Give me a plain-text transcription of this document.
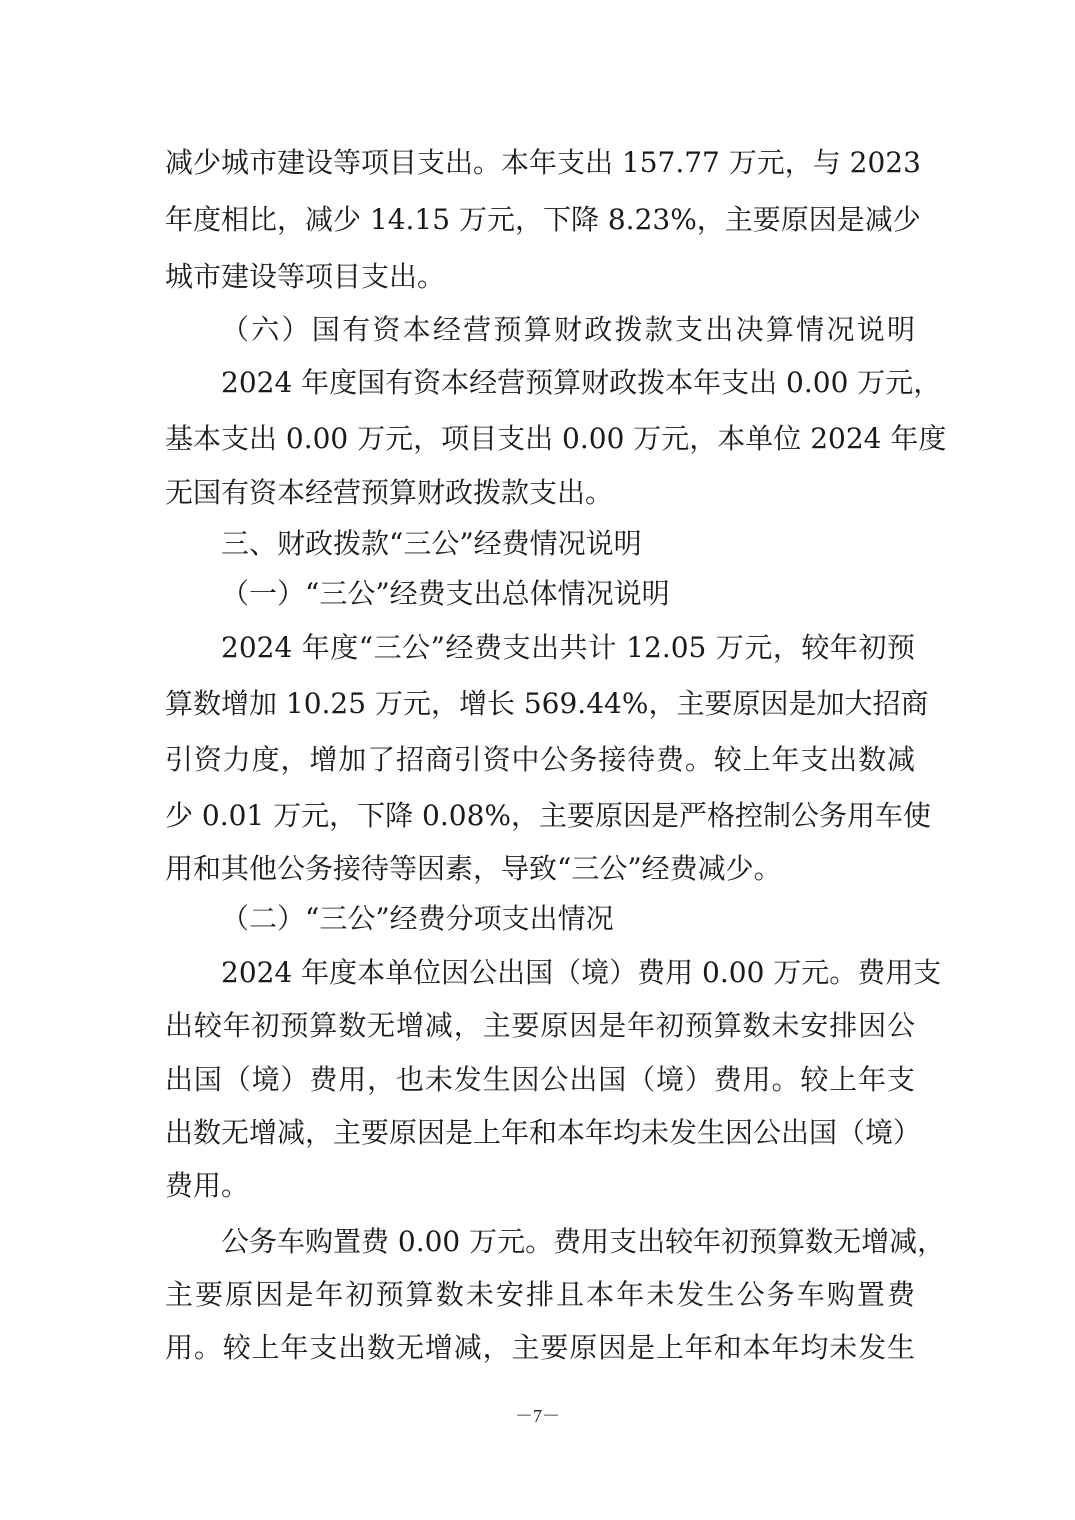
减少城市建设等项目支出。本年支出 157.77 万元，与 2023
年度相比，减少 14.15 万元，下降 8.23%，主要原因是减少
城市建设等项目支出。
（六）国有资本经营预算财政拨款支出决算情况说明
2024 年度国有资本经营预算财政拨本年支出 0.00 万元，
基本支出 0.00 万元，项目支出 0.00 万元，本单位 2024 年度
无国有资本经营预算财政拨款支出。
三、财政拨款“三公”经费情况说明
（一）“三公”经费支出总体情况说明
2024 年度“三公”经费支出共计 12.05 万元，较年初预
算数增加 10.25 万元，增长 569.44%，主要原因是加大招商
引资力度，增加了招商引资中公务接待费。较上年支出数减
少 0.01 万元，下降 0.08%，主要原因是严格控制公务用车使
用和其他公务接待等因素，导致“三公”经费减少。
（二）“三公”经费分项支出情况
2024 年度本单位因公出国（境）费用 0.00 万元。费用支
出较年初预算数无增减，主要原因是年初预算数未安排因公
出国（境）费用，也未发生因公出国（境）费用。较上年支
出数无增减，主要原因是上年和本年均未发生因公出国（境）
费用。
公务车购置费 0.00 万元。费用支出较年初预算数无增减，
主要原因是年初预算数未安排且本年未发生公务车购置费
用。较上年支出数无增减，主要原因是上年和本年均未发生
－7－
